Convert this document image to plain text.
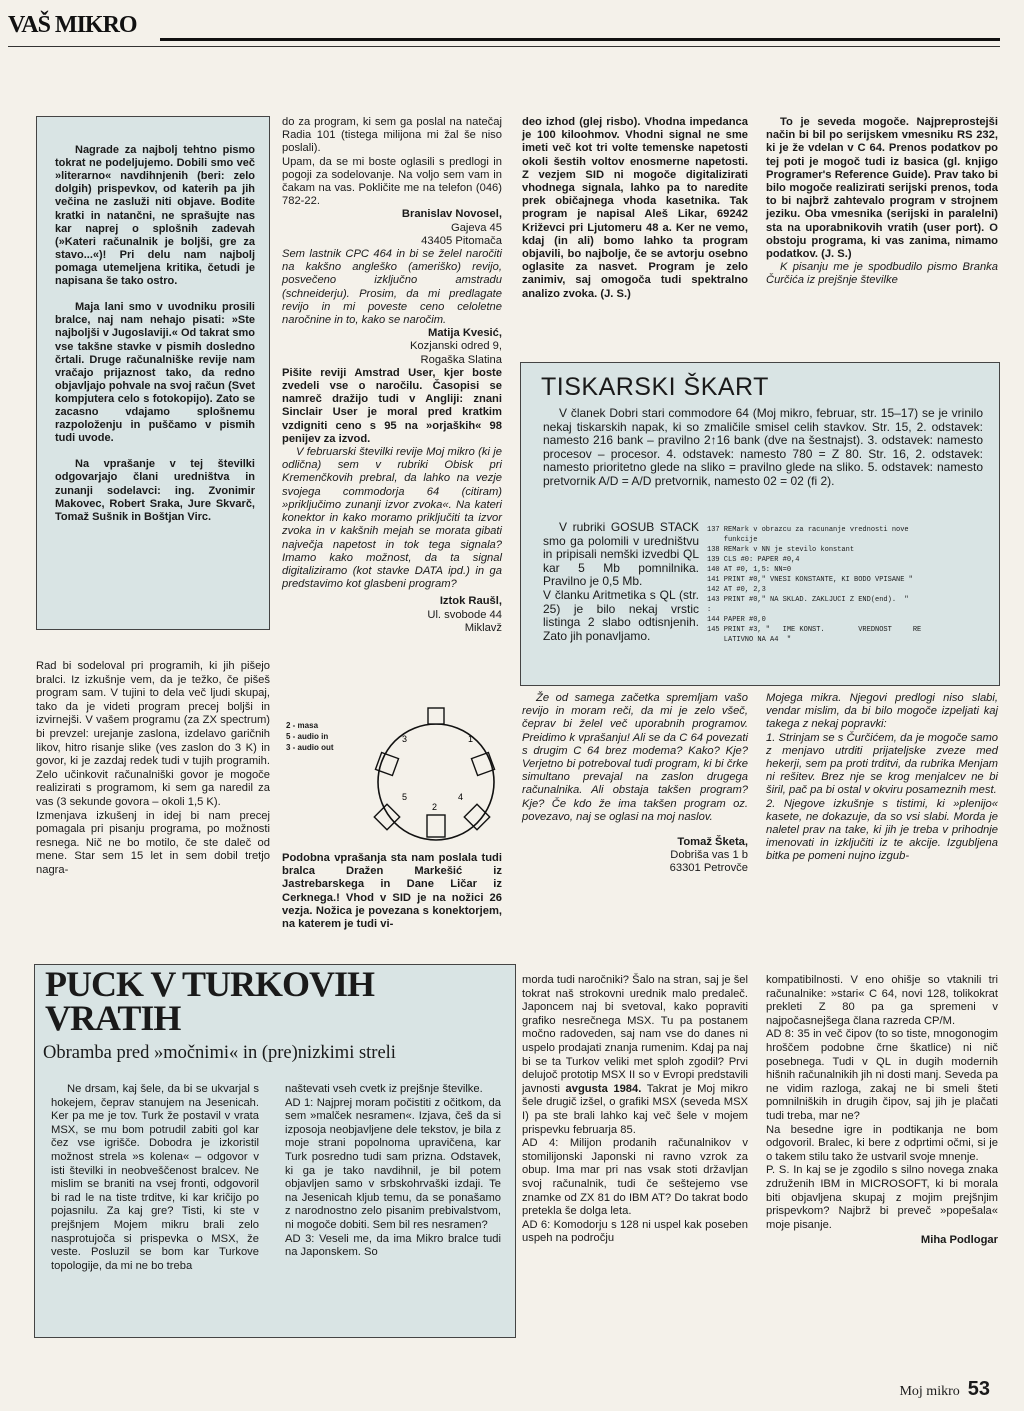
VAŠ MIKRO

Nagrade za najbolj tehtno pismo tokrat ne podeljujemo. Dobili smo več »literarno« navdihnjenih (beri: zelo dolgih) prispevkov, od katerih pa jih večina ne zasluži niti objave. Bodite kratki in natančni, ne sprašujte nas kar naprej o splošnih zadevah (»Kateri računalnik je boljši, gre za stavo...«)! Pri delu nam najbolj pomaga utemeljena kritika, četudi je napisana še tako ostro.

Maja lani smo v uvodniku prosili bralce, naj nam nehajo pisati: »Ste najboljši v Jugoslaviji.« Od takrat smo vse takšne stavke v pismih dosledno črtali. Druge računalniške revije nam vračajo prijaznost tako, da redno objavljajo pohvale na svoj račun (Svet kompjutera celo s fotokopijo). Zato se zacasno vdajamo splošnemu razpoloženju in puščamo v pismih tudi uvode.

Na vprašanje v tej številki odgovarjajo člani uredništva in zunanji sodelavci: ing. Zvonimir Makovec, Robert Sraka, Jure Skvarč, Tomaž Sušnik in Boštjan Virc.

Rad bi sodeloval pri programih, ki jih pišejo bralci. Iz izkušnje vem, da je težko, če pišeš program sam. V tujini to dela več ljudi skupaj, tako da je videti program precej boljši in izvirnejši. V vašem programu (za ZX spectrum) bi prevzel: urejanje zaslona, izdelavo garičnih likov, hitro risanje slike (ves zaslon do 3 K) in govor, ki je zazdaj redek tudi v tujih programih. Zelo učinkovit računalniški govor je mogoče realizirati s programom, ki sem ga naredil za vas (3 sekunde govora – okoli 1,5 K).
Izmenjava izkušenj in idej bi nam precej pomagala pri pisanju programa, po možnosti resnega. Nič ne bo motilo, če ste daleč od mene. Star sem 15 let in sem dobil tretjo nagra-
do za program, ki sem ga poslal na natečaj Radia 101 (tistega milijona mi žal še niso poslali).
Upam, da se mi boste oglasili s predlogi in pogoji za sodelovanje. Na voljo sem vam in čakam na vas. Pokličite me na telefon (046) 782-22.
Branislav Novosel,
Gajeva 45
43405 Pitomača
Sem lastnik CPC 464 in bi se želel naročiti na kakšno angleško (ameriško) revijo, posvečeno izključno amstradu (schneiderju). Prosim, da mi predlagate revijo in mi poveste ceno celoletne naročnine in to, kako se naročim.
Matija Kvesić,
Kozjanski odred 9,
Rogaška Slatina
Pišite reviji Amstrad User, kjer boste zvedeli vse o naročilu. Časopisi se namreč dražijo tudi v Angliji: znani Sinclair User je moral pred kratkim vzdigniti ceno s 95 na »orjaških« 98 penijev za izvod.
V februarski številki revije Moj mikro (ki je odlična) sem v rubriki Obisk pri Kremenčkovih prebral, da lahko na vezje svojega commodorja 64 (citiram) »priključimo zunanji izvor zvoka«. Na kateri konektor in kako moramo priključiti ta izvor zvoka in v kakšnih mejah se morata gibati največja napetost in tok tega signala? Imamo kako možnost, da ta signal digitaliziramo (kot stavke DATA ipd.) in ga predstavimo kot glasbeni program?
Iztok Raušl,
Ul. svobode 44
Miklavž
2 - masa
5 - audio in
3 - audio out
3	1
5	4
2
Podobna vprašanja sta nam poslala tudi bralca Dražen Markešić iz Jastrebarskega in Dane Ličar iz Cerknega.! Vhod v SID je na nožici 26 vezja. Nožica je povezana s konektorjem, na katerem je tudi vi-
deo izhod (glej risbo). Vhodna impedanca je 100 kiloohmov. Vhodni signal ne sme imeti več kot tri volte temenske napetosti okoli šestih voltov enosmerne napetosti. Z vezjem SID ni mogoče digitalizirati vhodnega signala, lahko pa to naredite prek običajnega vhoda kasetnika. Tak program je napisal Aleš Likar, 69242 Križevci pri Ljutomeru 48 a. Ker ne vemo, kdaj (in ali) bomo lahko ta program objavili, bo najbolje, če se avtorju osebno oglasite za nasvet. Program je zelo zanimiv, saj omogoča tudi spektralno analizo zvoka. (J. S.)
Že od samega začetka spremljam vašo revijo in moram reči, da mi je zelo všeč, čeprav bi želel več uporabnih programov. Preidimo k vprašanju! Ali se da C 64 povezati s drugim C 64 brez modema? Kako? Kje? Verjetno bi potreboval tudi program, ki bi črke simultano prevajal na zaslon drugega računalnika. Ali obstaja takšen program? Kje? Če kdo že ima takšen program oz. povezavo, naj se oglasi na moj naslov.
Tomaž Šketa,
Dobriša vas 1 b
63301 Petrovče
To je seveda mogoče. Najpreprostejši način bi bil po serijskem vmesniku RS 232, ki je že vdelan v C 64. Prenos podatkov po tej poti je mogoč tudi iz basica (gl. knjigo Programer's Reference Guide). Prav tako bi bilo mogoče realizirati serijski prenos, toda to bi najbrž zahtevalo program v strojnem jeziku. Oba vmesnika (serijski in paralelni) sta na uporabnikovih vratih (user port). O obstoju programa, ki vas zanima, nimamo podatkov. (J. S.)
K pisanju me je spodbudilo pismo Branka Čurčića iz prejšnje številke
Mojega mikra. Njegovi predlogi niso slabi, vendar mislim, da bi bilo mogoče izpeljati kaj takega z nekaj popravki:
1. Strinjam se s Čurčićem, da je mogoče samo z menjavo utrditi prijateljske zveze med hekerji, sem pa proti trditvi, da rubrika Menjam ni rešitev. Brez nje se krog menjalcev ne bi širil, pač pa bi ostal v okviru posameznih mest.
2. Njegove izkušnje s tistimi, ki »plenijo« kasete, ne dokazuje, da so vsi slabi. Morda je naletel prav na take, ki jih je treba v prihodnje imenovati in izključiti iz te akcije. Izgubljena bitka pe pomeni nujno izgub-
TISKARSKI ŠKART
V članek Dobri stari commodore 64 (Moj mikro, februar, str. 15–17) se je vrinilo nekaj tiskarskih napak, ki so zmaličile smisel celih stavkov. Str. 15, 2. odstavek: namesto 216 bank – pravilno 2↑16 bank (dve na šestnajst). 3. odstavek: namesto procesov – procesor. 4. odstavek: namesto 780 = Z 80. Str. 16, 2. odstavek: namesto prioritetno glede na sliko = pravilno glede na sliko. 5. odstavek: namesto pretvornik A/D = A/D pretvornik, namesto 02 = 02 (fi 2).
V rubriki GOSUB STACK smo ga polomili v uredništvu in pripisali nemški izvedbi QL kar 5 Mb pomnilnika. Pravilno je 0,5 Mb.
V članku Aritmetika s QL (str. 25) je bilo nekaj vrstic listinga 2 slabo odtisnjenih. Zato jih ponavljamo.
137 REMark v obrazcu za racunanje vrednosti nove
funkcije
138 REMark v NN je stevilo konstant
139 CLS #0: PAPER #0,4
140 AT #0, 1,5: NN=0
141 PRINT #0," VNESI KONSTANTE, KI BODO VPISANE "
142 AT #0, 2,3
143 PRINT #0," NA SKLAD. ZAKLJUCI Z END(end).  "
:
144 PAPER #0,0
145 PRINT #3, "   IME KONST.        VREDNOST     RE
LATIVNO NA A4  "
PUCK V TURKOVIH
VRATIH
Obramba pred »močnimi« in (pre)nizkimi streli
Ne drsam, kaj šele, da bi se ukvarjal s hokejem, čeprav stanujem na Jesenicah. Ker pa me je tov. Turk že postavil v vrata MSX, se mu bom potrudil zabiti gol kar čez vse igrišče. Dobodra je izkoristil možnost strela »s kolena« – odgovor v isti številki in neobveščenost bralcev. Ne mislim se braniti na vsej fronti, odgovoril bi rad le na tiste trditve, ki kar kričijo po pojasnilu. Za kaj gre? Tisti, ki ste v prejšnjem Mojem mikru brali zelo nasprotujoča si prispevka o MSX, že veste. Posluzil se bom kar Turkove topologije, da mi ne bo treba
naštevati vseh cvetk iz prejšnje številke.
AD 1: Najprej moram počistiti z očitkom, da sem »malček nesramen«. Izjava, češ da si izposoja neobjavljene dele tekstov, je bila z moje strani popolnoma upravičena, kar Turk posredno tudi sam prizna. Odstavek, ki ga je tako navdihnil, je bil potem objavljen samo v srbskohrvaški izdaji. Te na Jesenicah kljub temu, da se ponašamo z narodnostno zelo pisanim prebivalstvom, ni mogoče dobiti. Sem bil res nesramen?
AD 3: Veseli me, da ima Mikro bralce tudi na Japonskem. So
morda tudi naročniki? Šalo na stran, saj je šel tokrat naš strokovni urednik malo predaleč. Japoncem naj bi svetoval, kako popraviti grafiko nesrečnega MSX. Tu pa postanem močno radoveden, saj nam vse do danes ni uspelo prodajati znanja rumenim. Kdaj pa naj bi se ta Turkov veliki met sploh zgodil? Prvi delujoč prototip MSX II so v Evropi predstavili javnosti avgusta 1984. Takrat je Moj mikro šele drugič izšel, o grafiki MSX (seveda MSX I) pa ste brali lahko kaj več šele v mojem prispevku februarja 85.
AD 4: Milijon prodanih računalnikov v stomilijonski Japonski ni ravno vzrok za obup. Ima mar pri nas vsak stoti državljan svoj računalnik, tudi če seštejemo vse znamke od ZX 81 do IBM AT? Do takrat bodo pretekla še dolga leta.
AD 6: Komodorju s 128 ni uspel kak poseben uspeh na področju
kompatibilnosti. V eno ohišje so vtaknili tri računalnike: »stari« C 64, novi 128, tolikokrat prekleti Z 80 pa ga spremeni v najpočasnejšega člana razreda CP/M.
AD 8: 35 in več čipov (to so tiste, mnogonogim hroščem podobne črne škatlice) ni nič posebnega. Tudi v QL in dugih modernih hišnih računalnikih jih ni dosti manj. Seveda pa ne vidim razloga, zakaj ne bi smeli šteti pomnilniških in drugih čipov, saj jih je plačati tudi treba, mar ne?
Na besedne igre in podtikanja ne bom odgovoril. Bralec, ki bere z odprtimi očmi, si je o takem stilu tako že ustvaril svoje mnenje.
P. S. In kaj se je zgodilo s silno novega znaka združenih IBM in MICROSOFT, ki bi morala biti objavljena skupaj z mojim prejšnjim prispevkom? Najbrž bi preveč »popešala« moje pisanje.
Miha Podlogar
Moj mikro 53
